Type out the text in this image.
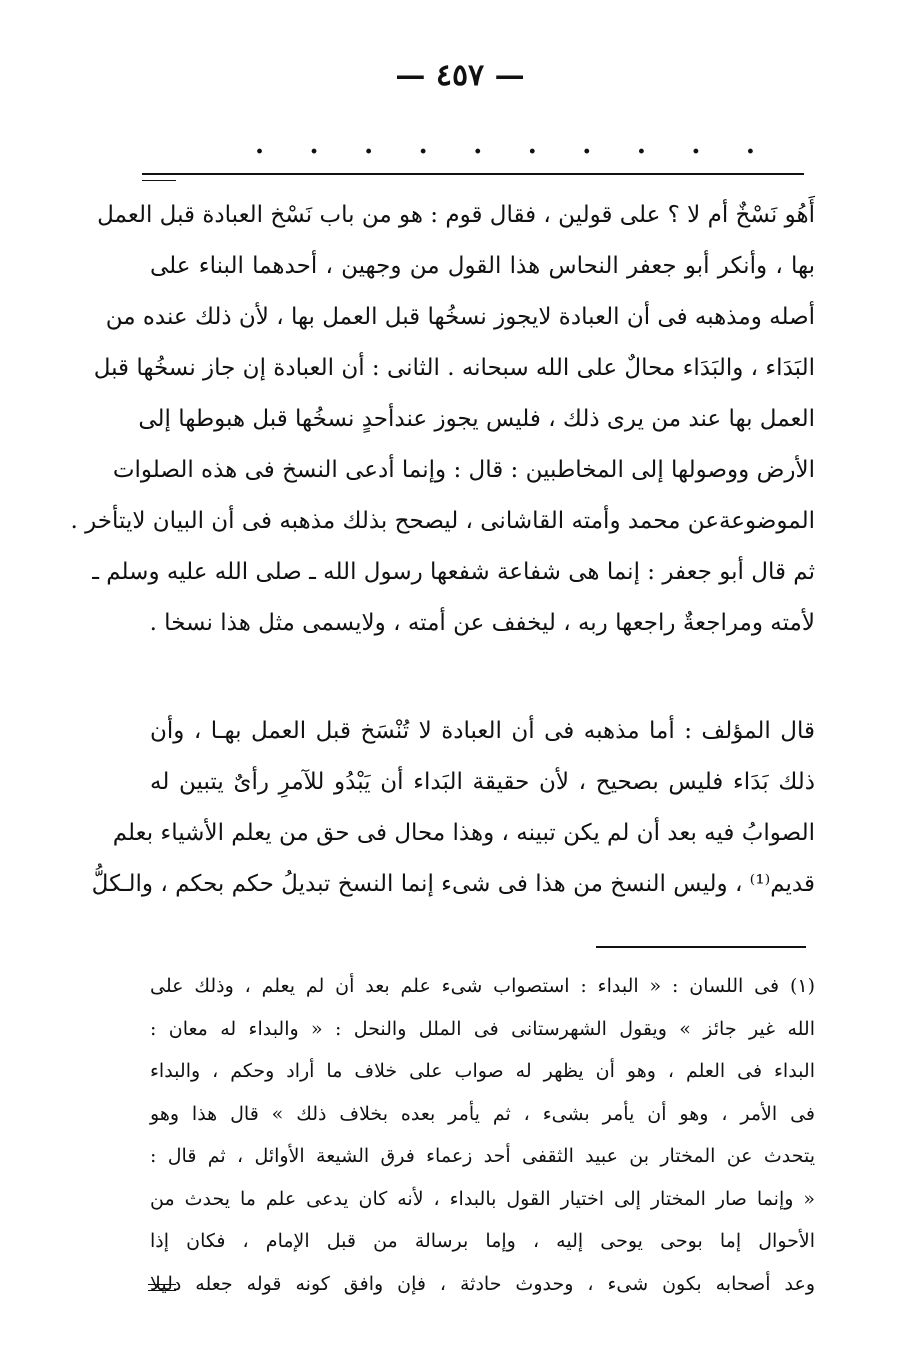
— ٤٥٧ —
. . . . . . . . . .
أَهُو نَسْخٌ أم لا ؟ على قولين ، فقال قوم : هو من باب نَسْخ العبادة قبل العمل
بها ، وأنكر أبو جعفر النحاس هذا القول من وجهين ، أحدهما البناء على
أصله ومذهبه فى أن العبادة لايجوز نسخُها قبل العمل بها ، لأن ذلك عنده من
البَدَاء ، والبَدَاء محالٌ على الله سبحانه . الثانى : أن العبادة إن جاز نسخُها قبل
العمل بها عند من يرى ذلك ، فليس يجوز عندأحدٍ نسخُها قبل هبوطها إلى
الأرض ووصولها إلى المخاطبين : قال : وإنما أدعى النسخ فى هذه الصلوات
الموضوعةعن محمد وأمته القاشانى ، ليصحح بذلك مذهبه فى أن البيان لايتأخر .
ثم قال أبو جعفر : إنما هى شفاعة شفعها رسول الله ـ صلى الله عليه وسلم ـ
لأمته ومراجعةٌ راجعها ربه ، ليخفف عن أمته ، ولايسمى مثل هذا نسخا .
قال المؤلف : أما مذهبه فى أن العبادة لا تُنْسَخ قبل العمل بهـا ، وأن
ذلك بَدَاء فليس بصحيح ، لأن حقيقة البَداء أن يَبْدُو للآمرِ رأىٌ يتبين له
الصوابُ فيه بعد أن لم يكن تبينه ، وهذا محال فى حق من يعلم الأشياء بعلم
قديم⁽¹⁾ ، وليس النسخ من هذا فى شىء إنما النسخ تبديلُ حكم بحكم ، والـكلُّ
(١) فى اللسان : « البداء : استصواب شىء علم بعد أن لم يعلم ، وذلك على
الله غير جائز » ويقول الشهرستانى فى الملل والنحل : « والبداء له معان :
البداء فى العلم ، وهو أن يظهر له صواب على خلاف ما أراد وحكم ، والبداء
فى الأمر ، وهو أن يأمر بشىء ، ثم يأمر بعده بخلاف ذلك » قال هذا وهو
يتحدث عن المختار بن عبيد الثقفى أحد زعماء فرق الشيعة الأوائل ، ثم قال :
« وإنما صار المختار إلى اختيار القول بالبداء ، لأنه كان يدعى علم ما يحدث من
الأحوال إما بوحى يوحى إليه ، وإما برسالة من قبل الإمام ، فكان إذا
وعد أصحابه بكون شىء ، وحدوث حادثة ، فإن وافق كونه قوله جعله دليلا
